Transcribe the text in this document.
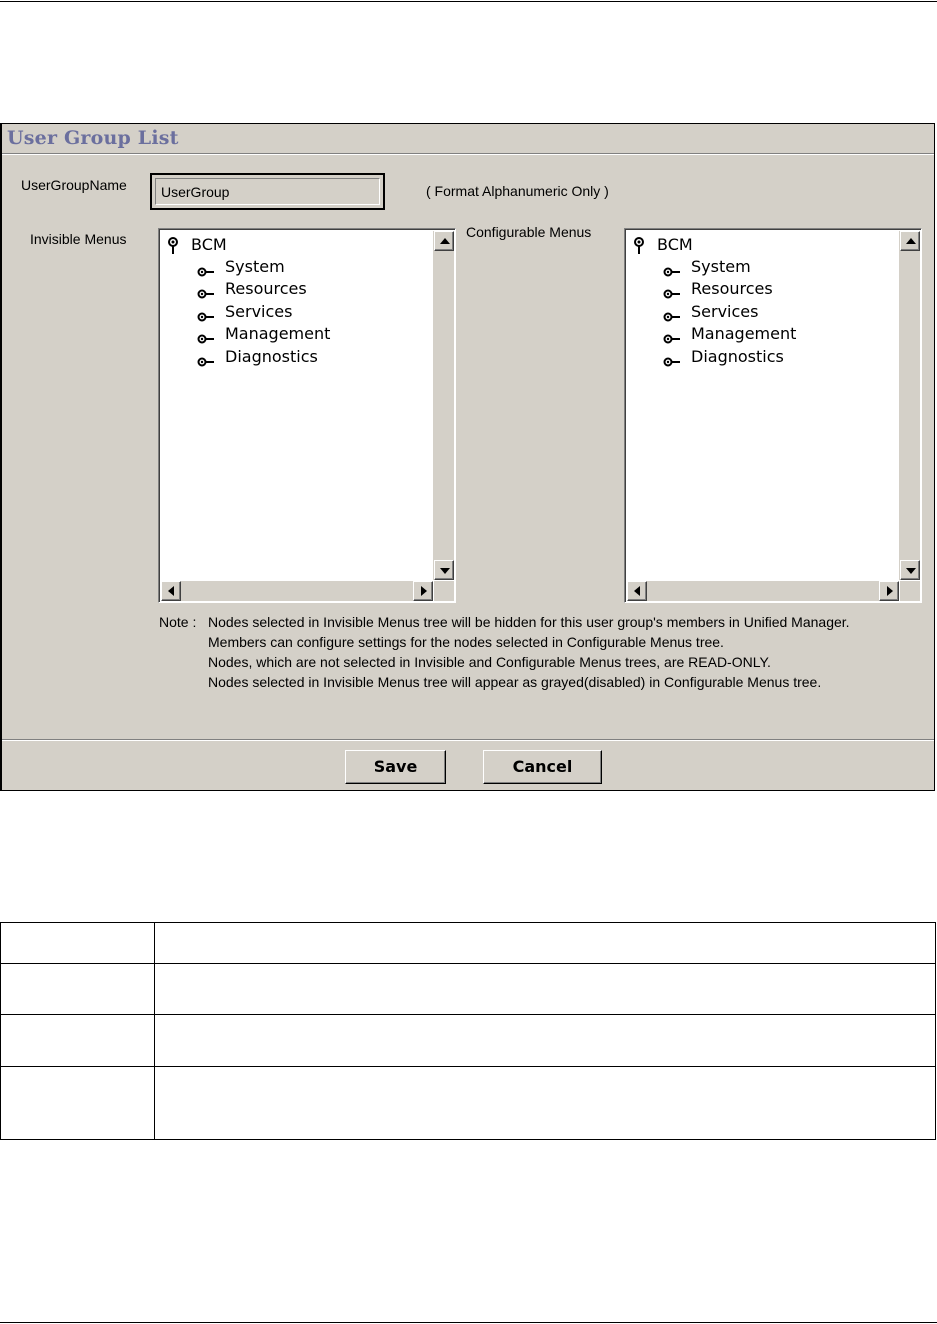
User Group List
UserGroupName	UserGroup	( Format Alphanumeric Only )
Invisible Menus	Configurable Menus
BCM
System
Resources
Services
Management
Diagnostics
BCM
System
Resources
Services
Management
Diagnostics
Note : Nodes selected in Invisible Menus tree will be hidden for this user group's members in Unified Manager.
Members can configure settings for the nodes selected in Configurable Menus tree.
Nodes, which are not selected in Invisible and Configurable Menus trees, are READ-ONLY.
Nodes selected in Invisible Menus tree will appear as grayed(disabled) in Configurable Menus tree.
Save	Cancel
